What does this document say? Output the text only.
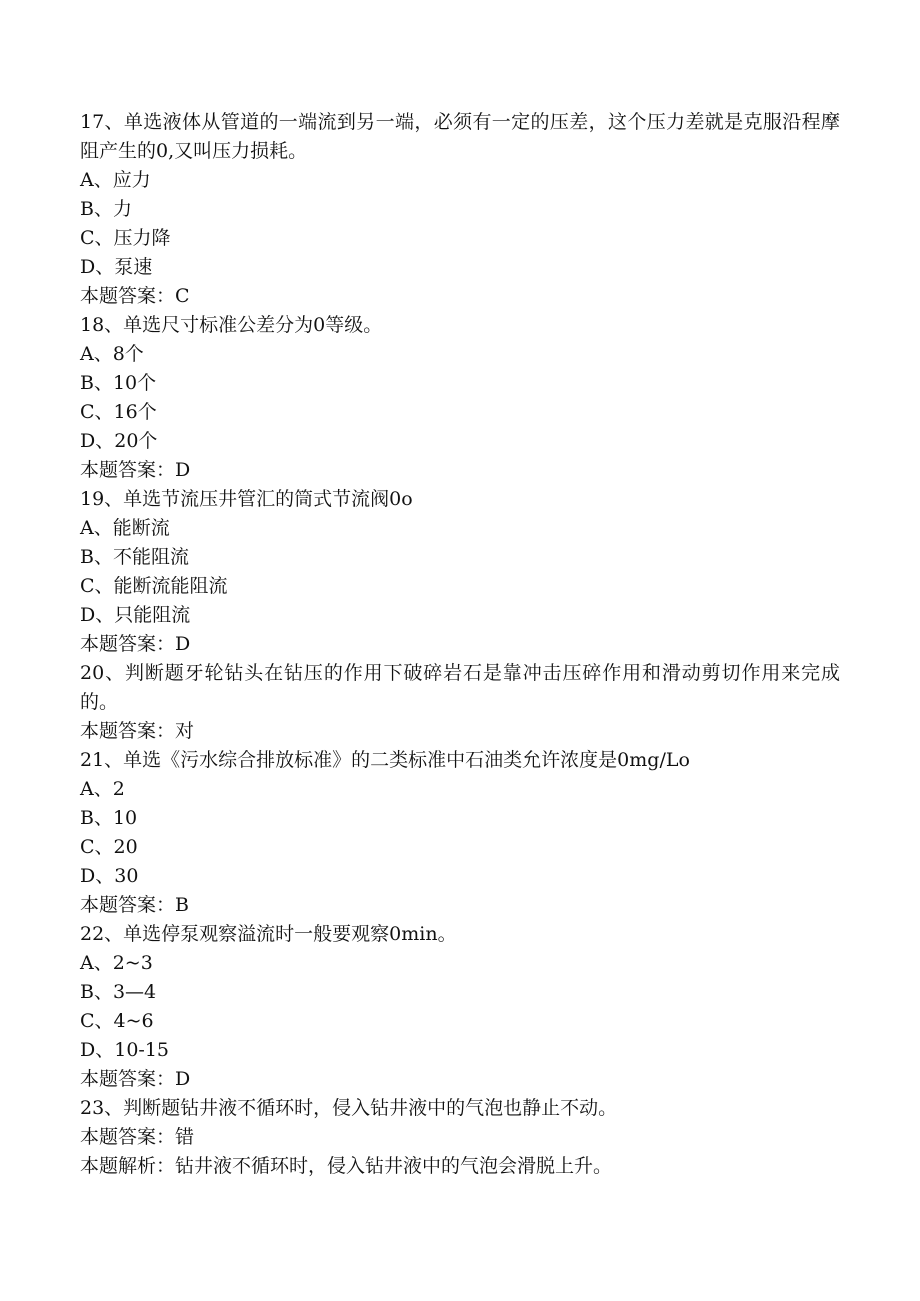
17、单选液体从管道的一端流到另一端，必须有一定的压差，这个压力差就是克服沿程摩阻产生的0,又叫压力损耗。

A、应力

B、力

C、压力降

D、泵速

本题答案：C

18、单选尺寸标准公差分为0等级。

A、8个

B、10个

C、16个

D、20个

本题答案：D

19、单选节流压井管汇的筒式节流阀0o

A、能断流

B、不能阻流

C、能断流能阻流

D、只能阻流

本题答案：D

20、判断题牙轮钻头在钻压的作用下破碎岩石是靠冲击压碎作用和滑动剪切作用来完成的。

本题答案：对

21、单选《污水综合排放标准》的二类标准中石油类允许浓度是0mg/Lo

A、2

B、10

C、20

D、30

本题答案：B

22、单选停泵观察溢流时一般要观察0min。

A、2~3

B、3—4

C、4~6

D、10-15

本题答案：D

23、判断题钻井液不循环时，侵入钻井液中的气泡也静止不动。

本题答案：错

本题解析：钻井液不循环时，侵入钻井液中的气泡会滑脱上升。
